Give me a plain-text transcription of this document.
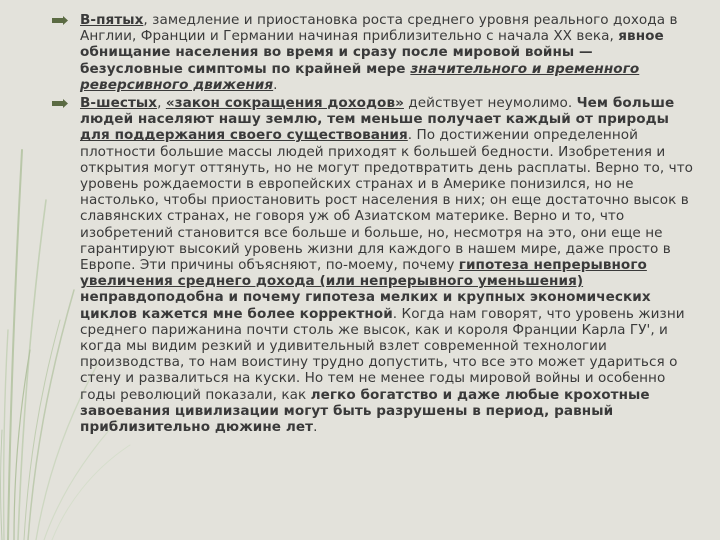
В-пятых, замедление и приостановка роста среднего уровня реального дохода в Англии, Франции и Германии начиная приблизительно с начала XX века, явное обнищание населения во время и сразу после мировой войны — безусловные симптомы по крайней мере значительного и временного реверсивного движения.
В-шестых, «закон сокращения доходов» действует неумолимо. Чем больше людей населяют нашу землю, тем меньше получает каждый от природы для поддержания своего существования. По достижении определенной плотности большие массы людей приходят к большей бедности. Изобретения и открытия могут оттянуть, но не могут предотвратить день расплаты. Верно то, что уровень рождаемости в европейских странах и в Америке понизился, но не настолько, чтобы приостановить рост населения в них; он еще достаточно высок в славянских странах, не говоря уж об Азиатском материке. Верно и то, что изобретений становится все больше и больше, но, несмотря на это, они еще не гарантируют высокий уровень жизни для каждого в нашем мире, даже просто в Европе. Эти причины объясняют, по-моему, почему гипотеза непрерывного увеличения среднего дохода (или непрерывного уменьшения) неправдоподобна и почему гипотеза мелких и крупных экономических циклов кажется мне более корректной. Когда нам говорят, что уровень жизни среднего парижанина почти столь же высок, как и короля Франции Карла ГУ', и когда мы видим резкий и удивительный взлет современной технологии производства, то нам воистину трудно допустить, что все это может удариться о стену и развалиться на куски. Но тем не менее годы мировой войны и особенно годы революций показали, как легко богатство и даже любые крохотные завоевания цивилизации могут быть разрушены в период, равный приблизительно дюжине лет.
